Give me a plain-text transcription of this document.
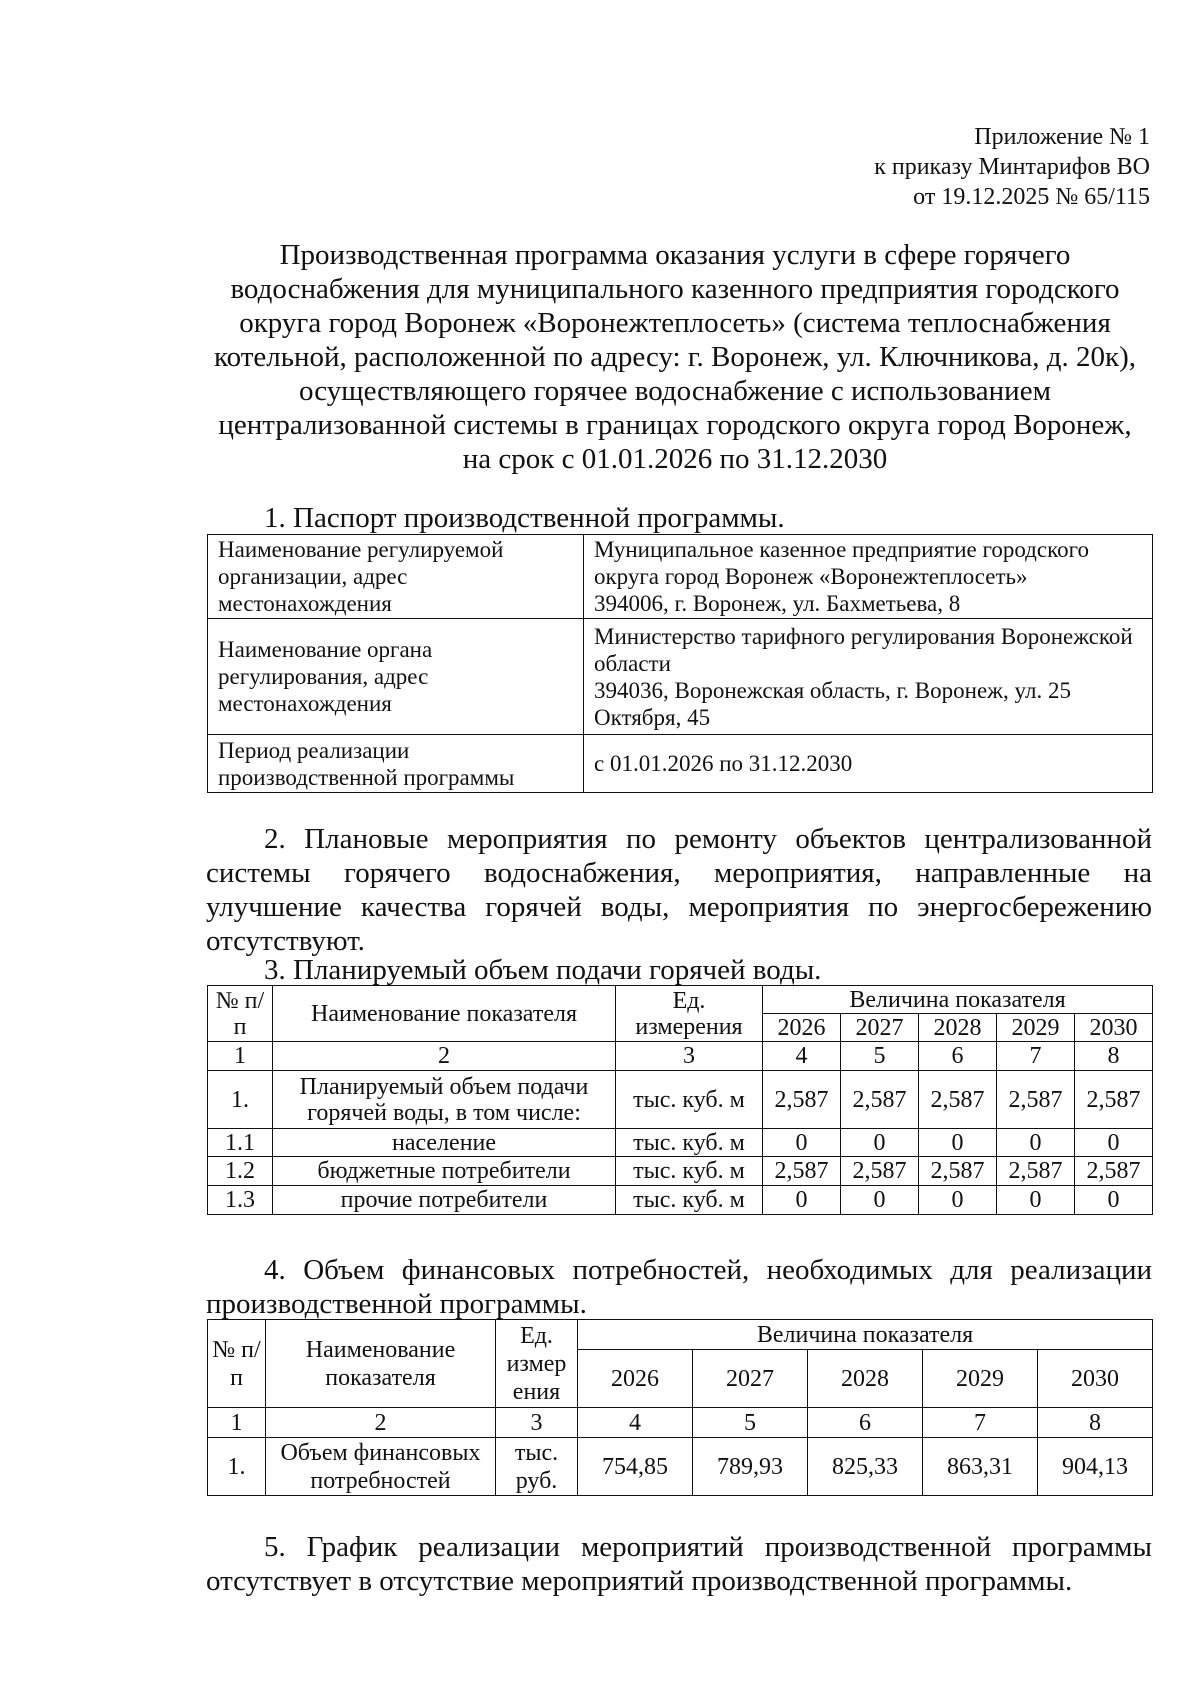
Приложение № 1
к приказу Минтарифов ВО
от 19.12.2025 № 65/115
Производственная программа оказания услуги в сфере горячего
водоснабжения для муниципального казенного предприятия городского
округа город Воронеж «Воронежтеплосеть» (система теплоснабжения
котельной, расположенной по адресу: г. Воронеж, ул. Ключникова, д. 20к),
осуществляющего горячее водоснабжение с использованием
централизованной системы в границах городского округа город Воронеж,
на срок с 01.01.2026 по 31.12.2030
1. Паспорт производственной программы.
Наименование регулируемой организации, адрес местонахождения	Муниципальное казенное предприятие городского округа город Воронеж «Воронежтеплосеть»
394006, г. Воронеж, ул. Бахметьева, 8

Наименование органа регулирования, адрес местонахождения	Министерство тарифного регулирования Воронежской области
394036, Воронежская область, г. Воронеж, ул. 25 Октября, 45

Период реализации производственной программы	с 01.01.2026 по 31.12.2030
2. Плановые мероприятия по ремонту объектов централизованной системы горячего водоснабжения, мероприятия, направленные на улучшение качества горячей воды, мероприятия по энергосбережению отсутствуют.
3. Планируемый объем подачи горячей воды.
№ п/п	Наименование показателя	Ед. измерения	Величина показателя				
			2026	2027	2028	2029	2030
1	2	3	4	5	6	7	8
1.	Планируемый объем подачи горячей воды, в том числе:	тыс. куб. м	2,587	2,587	2,587	2,587	2,587
1.1	население	тыс. куб. м	0	0	0	0	0
1.2	бюджетные потребители	тыс. куб. м	2,587	2,587	2,587	2,587	2,587
1.3	прочие потребители	тыс. куб. м	0	0	0	0	0
4. Объем финансовых потребностей, необходимых для реализации производственной программы.
№ п/п	Наименование показателя	Ед. измер ения	Величина показателя				
			2026	2027	2028	2029	2030
1	2	3	4	5	6	7	8
1.	Объем финансовых потребностей	тыс. руб.	754,85	789,93	825,33	863,31	904,13
5. График реализации мероприятий производственной программы отсутствует в отсутствие мероприятий производственной программы.
